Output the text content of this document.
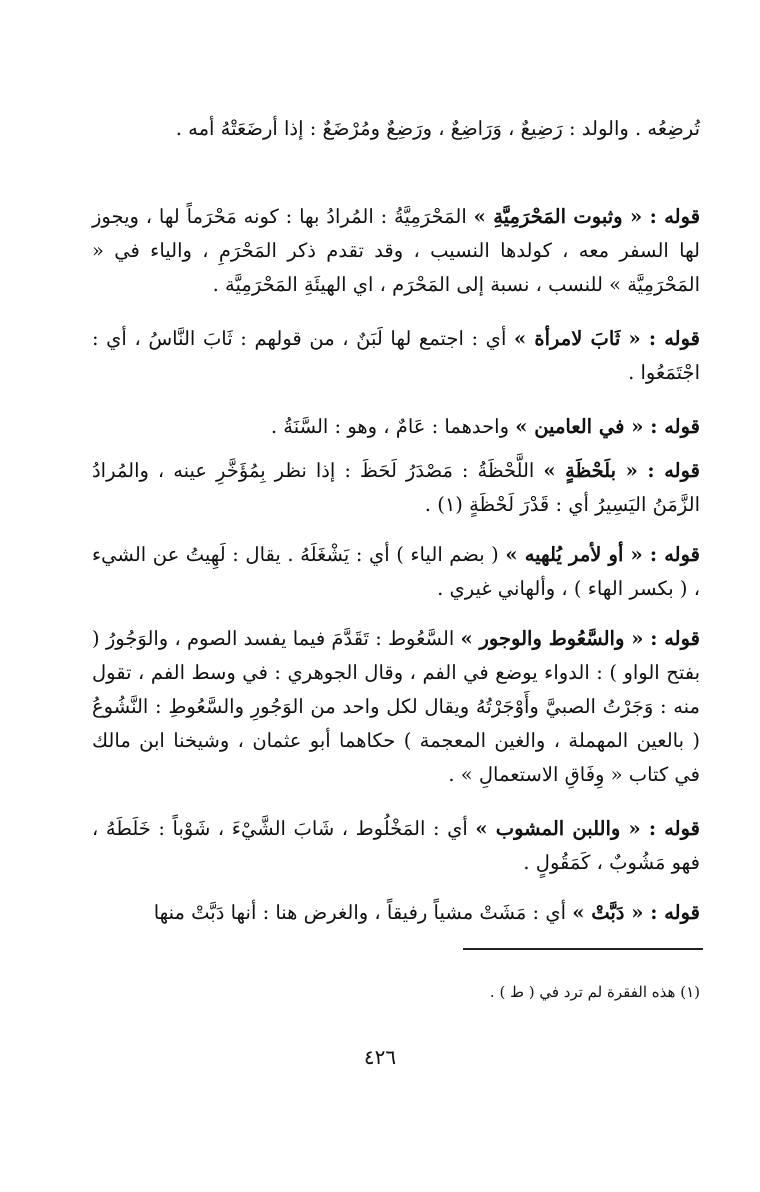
تُرضِعُه . والولد : رَضِيعٌ ، وَرَاضِعٌ ، ورَضِعٌ ومُرْضَعٌ : إذا أرضَعَتْهُ أمه .

قوله : « وثبوت المَحْرَمِيَّةِ » المَحْرَمِيَّةُ : المُرادُ بها : كونه مَحْرَماً لها ، ويجوز لها السفر معه ، كولدها النسيب ، وقد تقدم ذكر المَحْرَمِ ، والياء في « المَحْرَمِيَّة » للنسب ، نسبة إلى المَحْرَم ، اي الهيئَةِ المَحْرَمِيَّة .

قوله : « ثَابَ لامرأة » أي : اجتمع لها لَبَنٌ ، من قولهم : ثَابَ النَّاسُ ، أي : اجْتَمَعُوا .

قوله : « في العامين » واحدهما : عَامٌ ، وهو : السَّنَةُ .

قوله : « بلَحْظَةٍ » اللَّحْظَةُ : مَصْدَرُ لَحَظَ : إذا نظر بِمُؤَخَّرِ عينه ، والمُرادُ الزَّمَنُ اليَسِيرُ أي : قَدْرَ لَحْظَةٍ (١) .

قوله : « أو لأمر يُلهيه » ( بضم الياء ) أي : يَشْغَلَهُ . يقال : لَهِيتُ عن الشيء ، ( بكسر الهاء ) ، وألهاني غيري .

قوله : « والسَّعُوط والوجور » السَّعُوط : تَقَدَّمَ فيما يفسد الصوم ، والوَجُورُ ( بفتح الواو ) : الدواء يوضع في الفم ، وقال الجوهري : في وسط الفم ، تقول منه : وَجَرْتُ الصبيَّ وأَوْجَرْتُهُ ويقال لكل واحد من الوَجُورِ والسَّعُوطِ : النَّشُوعُ ( بالعين المهملة ، والغين المعجمة ) حكاهما أبو عثمان ، وشيخنا ابن مالك في كتاب « وِفَاقِ الاستعمالِ » .

قوله : « واللبن المشوب » أي : المَخْلُوط ، شَابَ الشَّيْءَ ، شَوْباً : خَلَطَهُ ، فهو مَشُوبٌ ، كَمَقُولٍ .

قوله : « دَبَّتْ » أي : مَشَتْ مشياً رفيقاً ، والغرض هنا : أنها دَبَّتْ منها

(١) هذه الفقرة لم ترد في ( ط ) .

٤٢٦
